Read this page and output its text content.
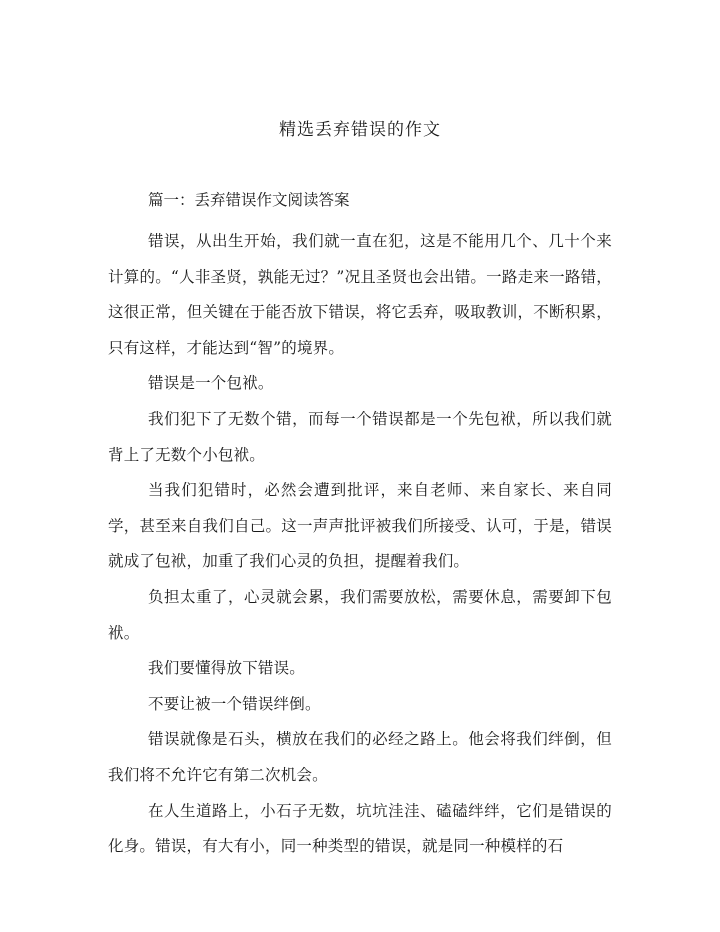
精选丢弃错误的作文
篇一：丢弃错误作文阅读答案

错误，从出生开始，我们就一直在犯，这是不能用几个、几十个来计算的。“人非圣贤，孰能无过？”况且圣贤也会出错。一路走来一路错，这很正常，但关键在于能否放下错误，将它丢弃，吸取教训，不断积累，只有这样，才能达到“智”的境界。

错误是一个包袱。

我们犯下了无数个错，而每一个错误都是一个先包袱，所以我们就背上了无数个小包袱。

当我们犯错时，必然会遭到批评，来自老师、来自家长、来自同学，甚至来自我们自己。这一声声批评被我们所接受、认可，于是，错误就成了包袱，加重了我们心灵的负担，提醒着我们。

负担太重了，心灵就会累，我们需要放松，需要休息，需要卸下包袱。

我们要懂得放下错误。

不要让被一个错误绊倒。

错误就像是石头，横放在我们的必经之路上。他会将我们绊倒，但我们将不允许它有第二次机会。

在人生道路上，小石子无数，坑坑洼洼、磕磕绊绊，它们是错误的化身。错误，有大有小，同一种类型的错误，就是同一种模样的石
